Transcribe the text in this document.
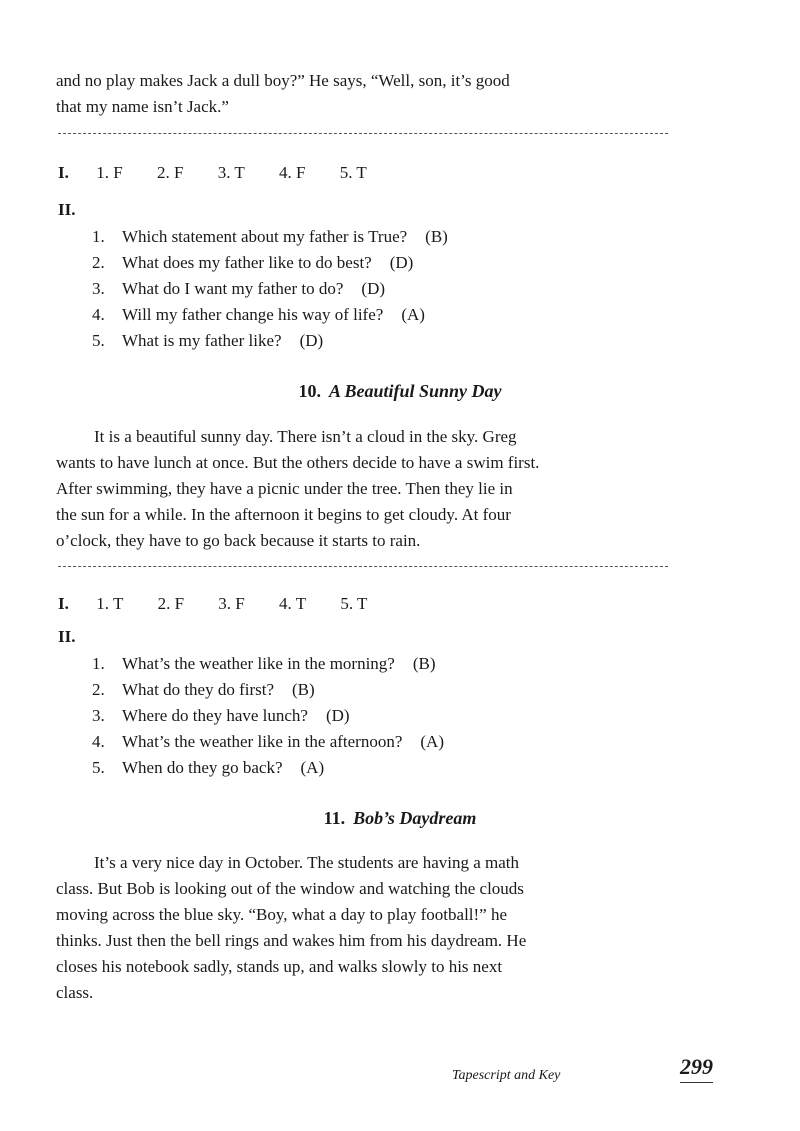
and no play makes Jack a dull boy?” He says, “Well, son, it’s good
that my name isn’t Jack.”

I. 1. F 2. F 3. T 4. F 5. T
II.
1. Which statement about my father is True? (B)
2. What does my father like to do best? (D)
3. What do I want my father to do? (D)
4. Will my father change his way of life? (A)
5. What is my father like? (D)
10. A Beautiful Sunny Day

It is a beautiful sunny day. There isn’t a cloud in the sky. Greg
wants to have lunch at once. But the others decide to have a swim first.
After swimming, they have a picnic under the tree. Then they lie in
the sun for a while. In the afternoon it begins to get cloudy. At four
o’clock, they have to go back because it starts to rain.

I. 1. T 2. F 3. F 4. T 5. T
II.
1. What’s the weather like in the morning? (B)
2. What do they do first? (B)
3. Where do they have lunch? (D)
4. What’s the weather like in the afternoon? (A)
5. When do they go back? (A)
11. Bob’s Daydream

It’s a very nice day in October. The students are having a math
class. But Bob is looking out of the window and watching the clouds
moving across the blue sky. “Boy, what a day to play football!” he
thinks. Just then the bell rings and wakes him from his daydream. He
closes his notebook sadly, stands up, and walks slowly to his next
class.

Tapescript and Key	299
